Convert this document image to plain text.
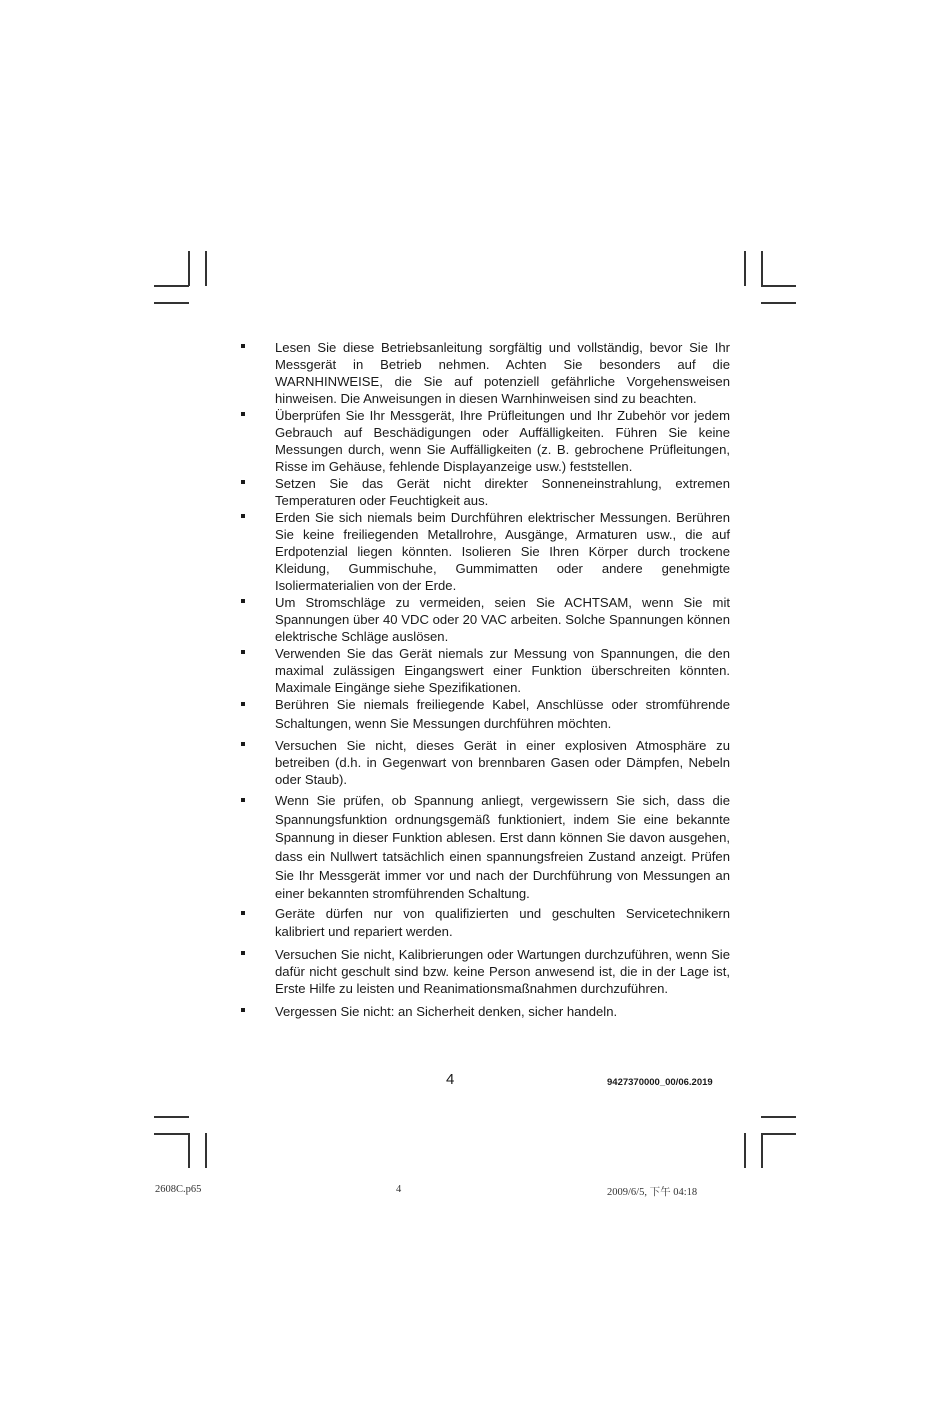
Lesen Sie diese Betriebsanleitung sorgfältig und vollständig, bevor Sie Ihr Messgerät in Betrieb nehmen. Achten Sie besonders auf die WARNHINWEISE, die Sie auf potenziell gefährliche Vorgehensweisen hinweisen. Die Anweisungen in diesen Warnhinweisen sind zu beachten.
Überprüfen Sie Ihr Messgerät, Ihre Prüfleitungen und Ihr Zubehör vor jedem Gebrauch auf Beschädigungen oder Auffälligkeiten. Führen Sie keine Messungen durch, wenn Sie Auffälligkeiten (z. B. gebrochene Prüfleitungen, Risse im Gehäuse, fehlende Displayanzeige usw.) feststellen.
Setzen Sie das Gerät nicht direkter Sonneneinstrahlung, extremen Temperaturen oder Feuchtigkeit aus.
Erden Sie sich niemals beim Durchführen elektrischer Messungen. Berühren Sie keine freiliegenden Metallrohre, Ausgänge, Armaturen usw., die auf Erdpotenzial liegen könnten. Isolieren Sie Ihren Körper durch trockene Kleidung, Gummischuhe, Gummimatten oder andere genehmigte Isoliermaterialien von der Erde.
Um Stromschläge zu vermeiden, seien Sie ACHTSAM, wenn Sie mit Spannungen über 40 VDC oder 20 VAC arbeiten. Solche Spannungen können elektrische Schläge auslösen.
Verwenden Sie das Gerät niemals zur Messung von Spannungen, die den maximal zulässigen Eingangswert einer Funktion überschreiten könnten. Maximale Eingänge siehe Spezifikationen.
Berühren Sie niemals freiliegende Kabel, Anschlüsse oder stromführende Schaltungen, wenn Sie Messungen durchführen möchten.
Versuchen Sie nicht, dieses Gerät in einer explosiven Atmosphäre zu betreiben (d.h. in Gegenwart von brennbaren Gasen oder Dämpfen, Nebeln oder Staub).
Wenn Sie prüfen, ob Spannung anliegt, vergewissern Sie sich, dass die Spannungsfunktion ordnungsgemäß funktioniert, indem Sie eine bekannte Spannung in dieser Funktion ablesen. Erst dann können Sie davon ausgehen, dass ein Nullwert tatsächlich einen spannungsfreien Zustand anzeigt. Prüfen Sie Ihr Messgerät immer vor und nach der Durchführung von Messungen an einer bekannten stromführenden Schaltung.
Geräte dürfen nur von qualifizierten und geschulten Servicetechnikern kalibriert und repariert werden.
Versuchen Sie nicht, Kalibrierungen oder Wartungen durchzuführen, wenn Sie dafür nicht geschult sind bzw. keine Person anwesend ist, die in der Lage ist, Erste Hilfe zu leisten und Reanimationsmaßnahmen durchzuführen.
Vergessen Sie nicht: an Sicherheit denken, sicher handeln.
4	9427370000_00/06.2019
2608C.p65	4	2009/6/5, 下午 04:18
